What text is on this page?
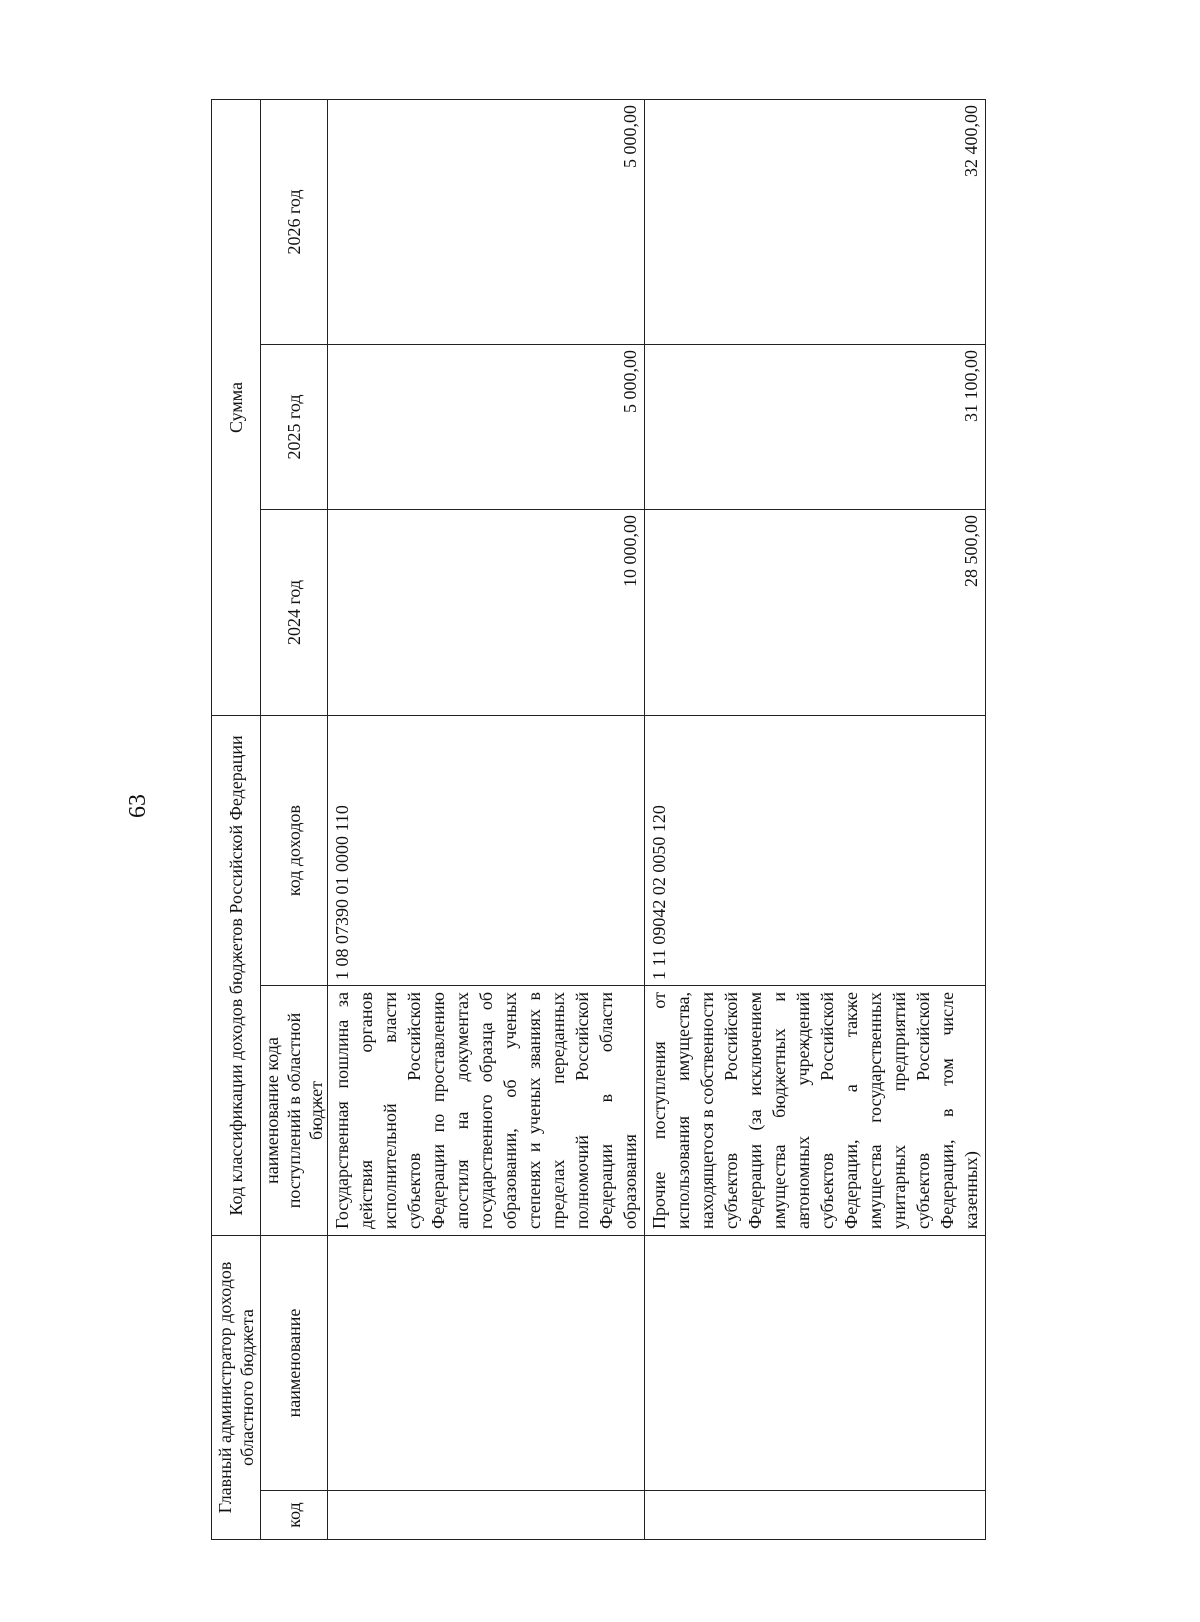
63
Главный администратор доходов областного бюджета		Код классификации доходов бюджетов Российской Федерации		Сумма		
код	наименование	наименование кода поступлений в областной бюджет	код доходов	2024 год	2025 год	2026 год
		Государственная пошлина за действия органов исполнительной власти субъектов Российской Федерации по проставлению апостиля на документах государственного образца об образовании, об ученых степенях и ученых званиях в пределах переданных полномочий Российской Федерации в области образования	1 08 07390 01 0000 110	10 000,00	5 000,00	5 000,00
		Прочие поступления от использования имущества, находящегося в собственности субъектов Российской Федерации (за исключением имущества бюджетных и автономных учреждений субъектов Российской Федерации, а также имущества государственных унитарных предприятий субъектов Российской Федерации, в том числе казенных)	1 11 09042 02 0050 120	28 500,00	31 100,00	32 400,00
